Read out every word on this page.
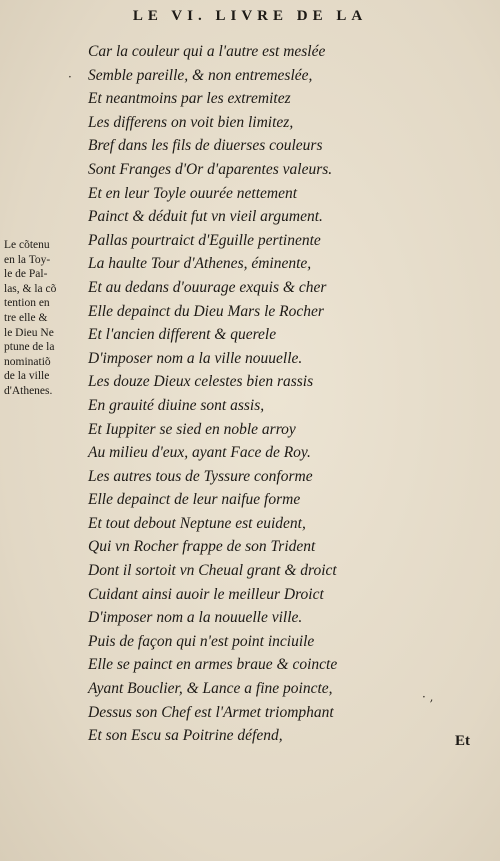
LE VI. LIVRE DE LA
Car la couleur qui a l'autre est meslée
Semble pareille, & non entremeslée,
Et neantmoins par les extremitez
Les differens on voit bien limitez,
Bref dans les fils de diuerses couleurs
Sont Franges d'Or d'aparentes valeurs.
Et en leur Toyle ouurée nettement
Painct & déduit fut vn vieil argument.
Pallas pourtraict d'Eguille pertinente
La haulte Tour d'Athenes, éminente,
Et au dedans d'ouurage exquis & cher
Elle depainct du Dieu Mars le Rocher
Et l'ancien different & querele
D'imposer nom a la ville nouuelle.
Les douze Dieux celestes bien rassis
En grauité diuine sont assis,
Et Iuppiter se sied en noble arroy
Au milieu d'eux, ayant Face de Roy.
Les autres tous de Tyssure conforme
Elle depainct de leur naifue forme
Et tout debout Neptune est euident,
Qui vn Rocher frappe de son Trident
Dont il sortoit vn Cheual grant & droict
Cuidant ainsi auoir le meilleur Droict
D'imposer nom a la nouuelle ville.
Puis de façon qui n'est point inciuile
Elle se painct en armes braue & coincte
Ayant Bouclier, & Lance a fine poincte,
Dessus son Chef est l'Armet triomphant
Et son Escu sa Poitrine défend,
Le cõtenu
en la Toy-
le de Pal-
las, & la cõ
tention en
tre elle &
le Dieu Ne
ptune de la
nominatiõ
de la ville
d'Athenes.
·
· ,
Et
